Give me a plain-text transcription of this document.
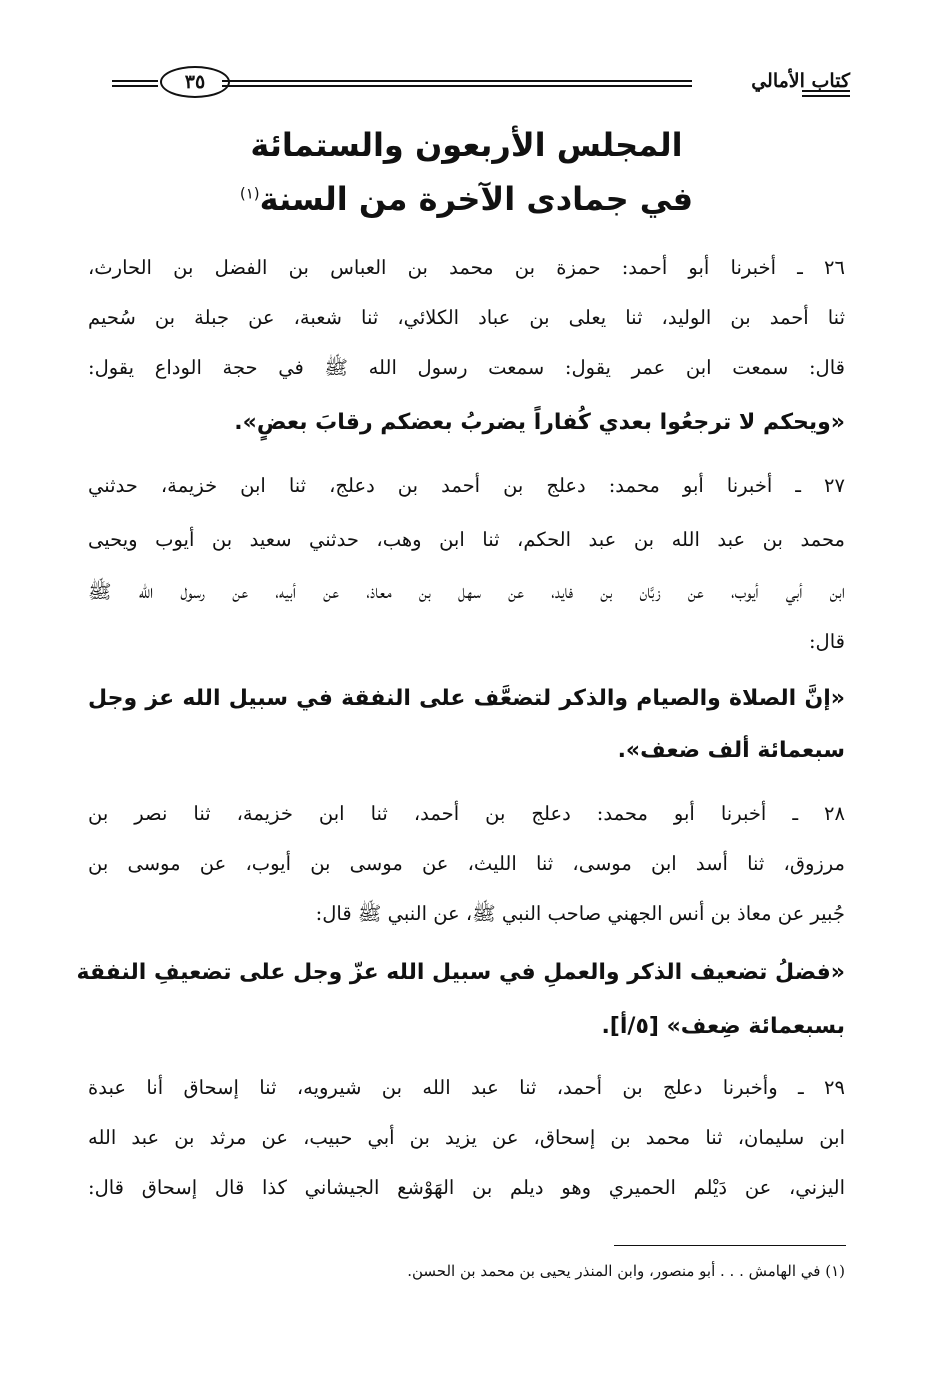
٣٥	كتاب الأمالي
المجلس الأربعون والستمائة
في جمادى الآخرة من السنة$^{(١)}$
٢٦ ـ أخبرنا أبو أحمد: حمزة بن محمد بن العباس بن الفضل بن الحارث،
ثنا أحمد بن الوليد، ثنا يعلى بن عباد الكلائي، ثنا شعبة، عن جبلة بن سُحيم
قال: سمعت ابن عمر يقول: سمعت رسول الله ﷺ في حجة الوداع يقول:
«ويحكم لا ترجعُوا بعدي كُفاراً يضربُ بعضكم رقابَ بعضٍ».
٢٧ ـ أخبرنا أبو محمد: دعلج بن أحمد بن دعلج، ثنا ابن خزيمة، حدثني
محمد بن عبد الله بن عبد الحكم، ثنا ابن وهب، حدثني سعيد بن أيوب ويحيى
ابن أبي أيوب، عن زبَّان بن فايد، عن سهل بن معاذ، عن أبيه، عن رسول الله ﷺ
قال:
«إنَّ الصلاة والصيام والذكر لتضعَّف على النفقة في سبيل الله عز وجل
سبعمائة ألف ضعف».
٢٨ ـ أخبرنا أبو محمد: دعلج بن أحمد، ثنا ابن خزيمة، ثنا نصر بن
مرزوق، ثنا أسد ابن موسى، ثنا الليث، عن موسى بن أيوب، عن موسى بن
جُبير عن معاذ بن أنس الجهني صاحب النبي ﷺ، عن النبي ﷺ قال:
«فضلُ تضعيف الذكر والعملِ في سبيل الله عزّ وجل على تضعيفِ النفقة
بسبعمائة ضِعف» [٥/أ].
٢٩ ـ وأخبرنا دعلج بن أحمد، ثنا عبد الله بن شيرويه، ثنا إسحاق أنا عبدة
ابن سليمان، ثنا محمد بن إسحاق، عن يزيد بن أبي حبيب، عن مرثد بن عبد الله
اليزني، عن دَيْلم الحميري وهو ديلم بن الهَوْشع الجيشاني كذا قال إسحاق قال:
(١) في الهامش . . . أبو منصور، وابن المنذر يحيى بن محمد بن الحسن.
